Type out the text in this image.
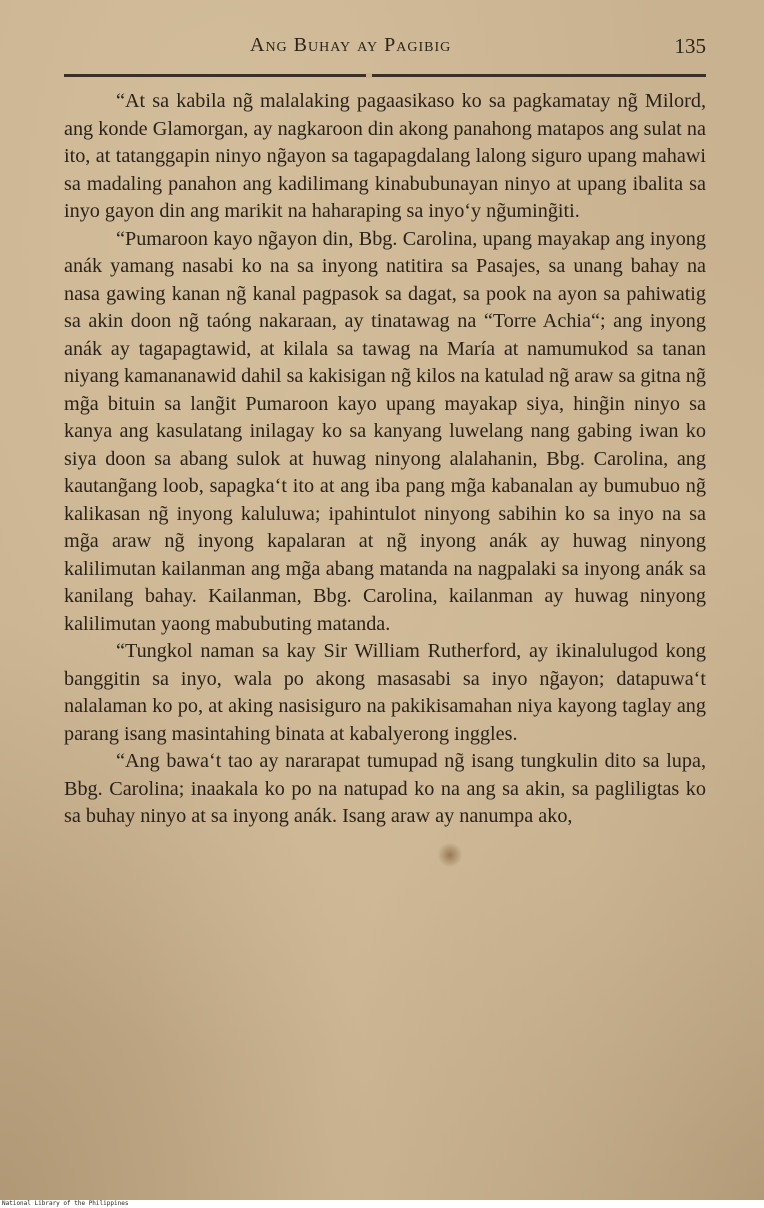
Ang Buhay ay Pagibig	135

“At sa kabila ng̃ malalaking pagaasikaso ko sa pagkamatay ng̃ Milord, ang konde Glamorgan, ay nagkaroon din akong panahong matapos ang sulat na ito, at tatanggapin ninyo ng̃ayon sa tagapagdalang lalong siguro upang mahawi sa madaling panahon ang kadilimang kinabubunayan ninyo at upang ibalita sa inyo gayon din ang marikit na haharaping sa inyo‘y ng̃uming̃iti.

“Pumaroon kayo ng̃ayon din, Bbg. Carolina, upang mayakap ang inyong anák yamang nasabi ko na sa inyong natitira sa Pasajes, sa unang bahay na nasa gawing kanan ng̃ kanal pagpasok sa dagat, sa pook na ayon sa pahiwatig sa akin doon ng̃ taóng nakaraan, ay tinatawag na “Torre Achia“; ang inyong anák ay tagapagtawid, at kilala sa tawag na María at namumukod sa tanan niyang kamananawid dahil sa kakisigan ng̃ kilos na katulad ng̃ araw sa gitna ng̃ mg̃a bituin sa lang̃it Pumaroon kayo upang mayakap siya, hing̃in ninyo sa kanya ang kasulatang inilagay ko sa kanyang luwelang nang gabing iwan ko siya doon sa abang sulok at huwag ninyong alalahanin, Bbg. Carolina, ang kautang̃ang loob, sapagka‘t ito at ang iba pang mg̃a kabanalan ay bumubuo ng̃ kalikasan ng̃ inyong kaluluwa; ipahintulot ninyong sabihin ko sa inyo na sa mg̃a araw ng̃ inyong kapalaran at ng̃ inyong anák ay huwag ninyong kalilimutan kailanman ang mg̃a abang matanda na nagpalaki sa inyong anák sa kanilang bahay. Kailanman, Bbg. Carolina, kailanman ay huwag ninyong kalilimutan yaong mabubuting matanda.

“Tungkol naman sa kay Sir William Rutherford, ay ikinalulugod kong banggitin sa inyo, wala po akong masasabi sa inyo ng̃ayon; datapuwa‘t nalalaman ko po, at aking nasisiguro na pakikisamahan niya kayong taglay ang parang isang masintahing binata at kabalyerong inggles.

“Ang bawa‘t tao ay nararapat tumupad ng̃ isang tungkulin dito sa lupa, Bbg. Carolina; inaakala ko po na natupad ko na ang sa akin, sa pagliligtas ko sa buhay ninyo at sa inyong anák. Isang araw ay nanumpa ako,

National Library of the Philippines
